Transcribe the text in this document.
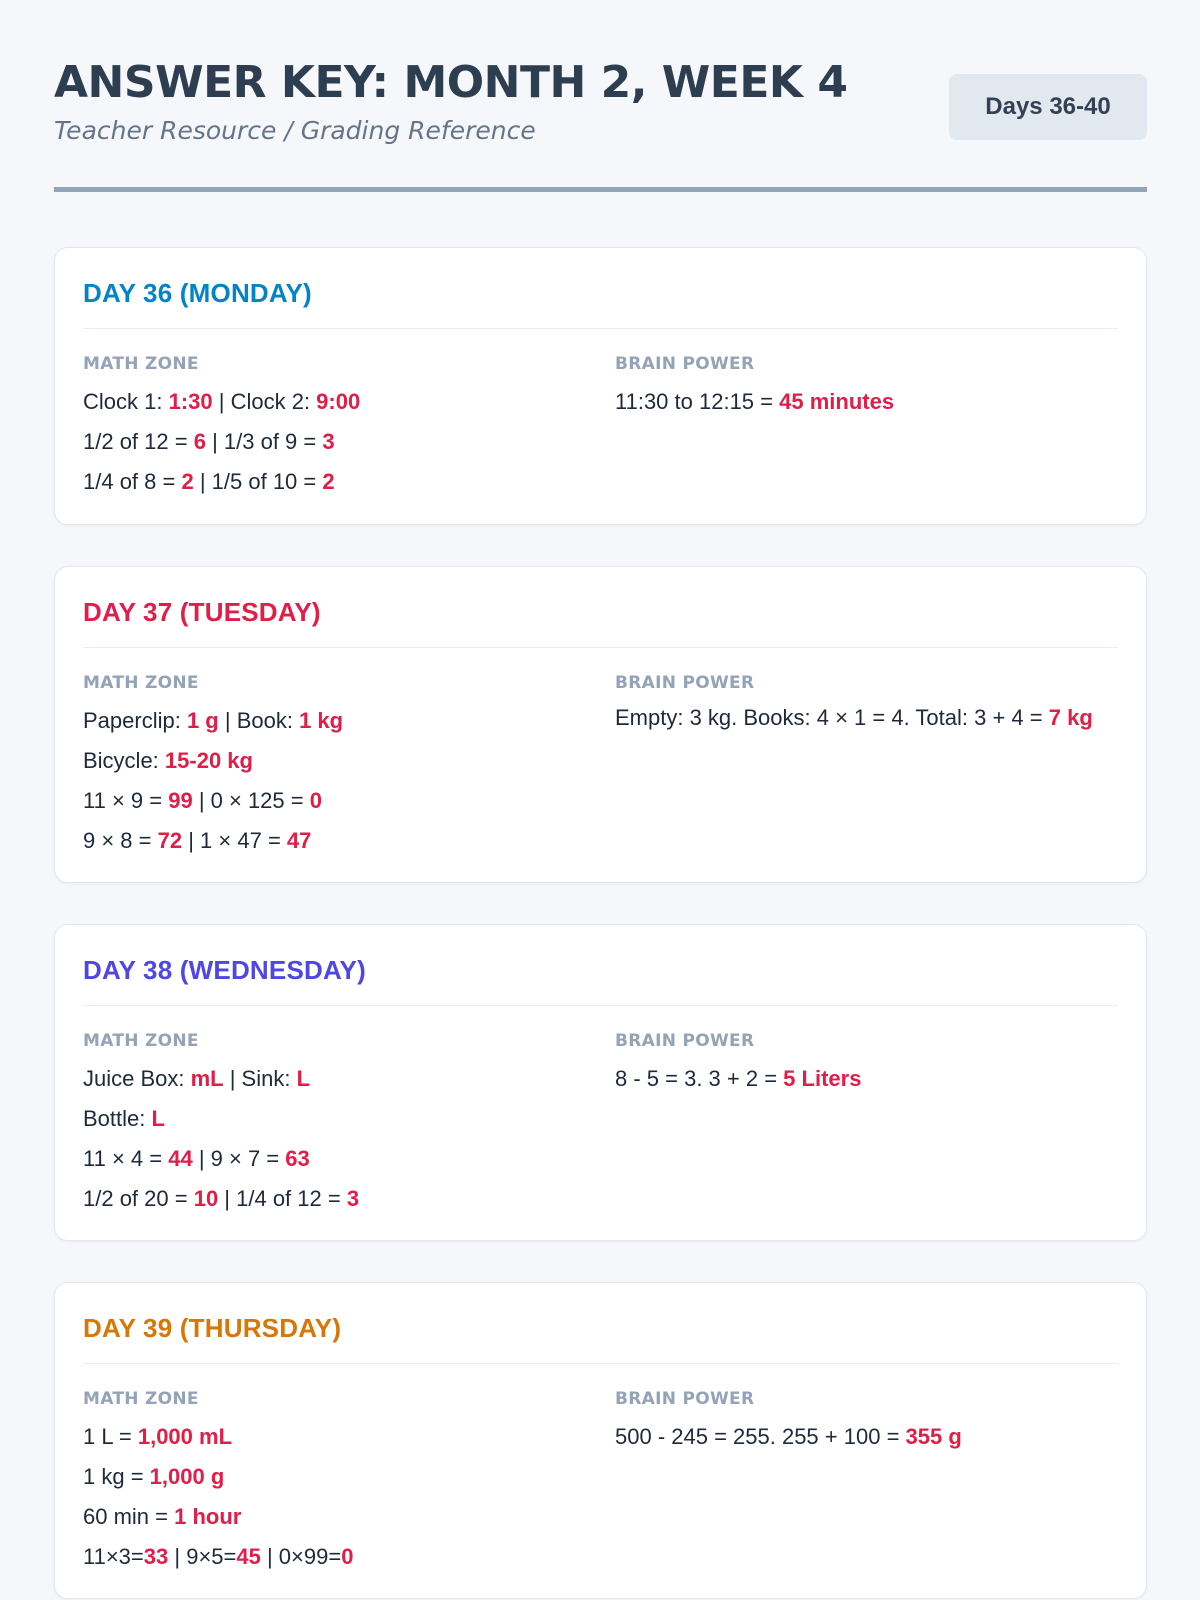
ANSWER KEY: MONTH 2, WEEK 4
Teacher Resource / Grading Reference
Days 36-40
DAY 36 (MONDAY)
MATH ZONE
Clock 1: 1:30 | Clock 2: 9:00
1/2 of 12 = 6 | 1/3 of 9 = 3
1/4 of 8 = 2 | 1/5 of 10 = 2
BRAIN POWER
11:30 to 12:15 = 45 minutes
DAY 37 (TUESDAY)
MATH ZONE
Paperclip: 1 g | Book: 1 kg
Bicycle: 15-20 kg
11 × 9 = 99 | 0 × 125 = 0
9 × 8 = 72 | 1 × 47 = 47
BRAIN POWER
Empty: 3 kg. Books: 4 × 1 = 4. Total: 3 + 4 = 7 kg
DAY 38 (WEDNESDAY)
MATH ZONE
Juice Box: mL | Sink: L
Bottle: L
11 × 4 = 44 | 9 × 7 = 63
1/2 of 20 = 10 | 1/4 of 12 = 3
BRAIN POWER
8 - 5 = 3. 3 + 2 = 5 Liters
DAY 39 (THURSDAY)
MATH ZONE
1 L = 1,000 mL
1 kg = 1,000 g
60 min = 1 hour
11×3=33 | 9×5=45 | 0×99=0
BRAIN POWER
500 - 245 = 255. 255 + 100 = 355 g
